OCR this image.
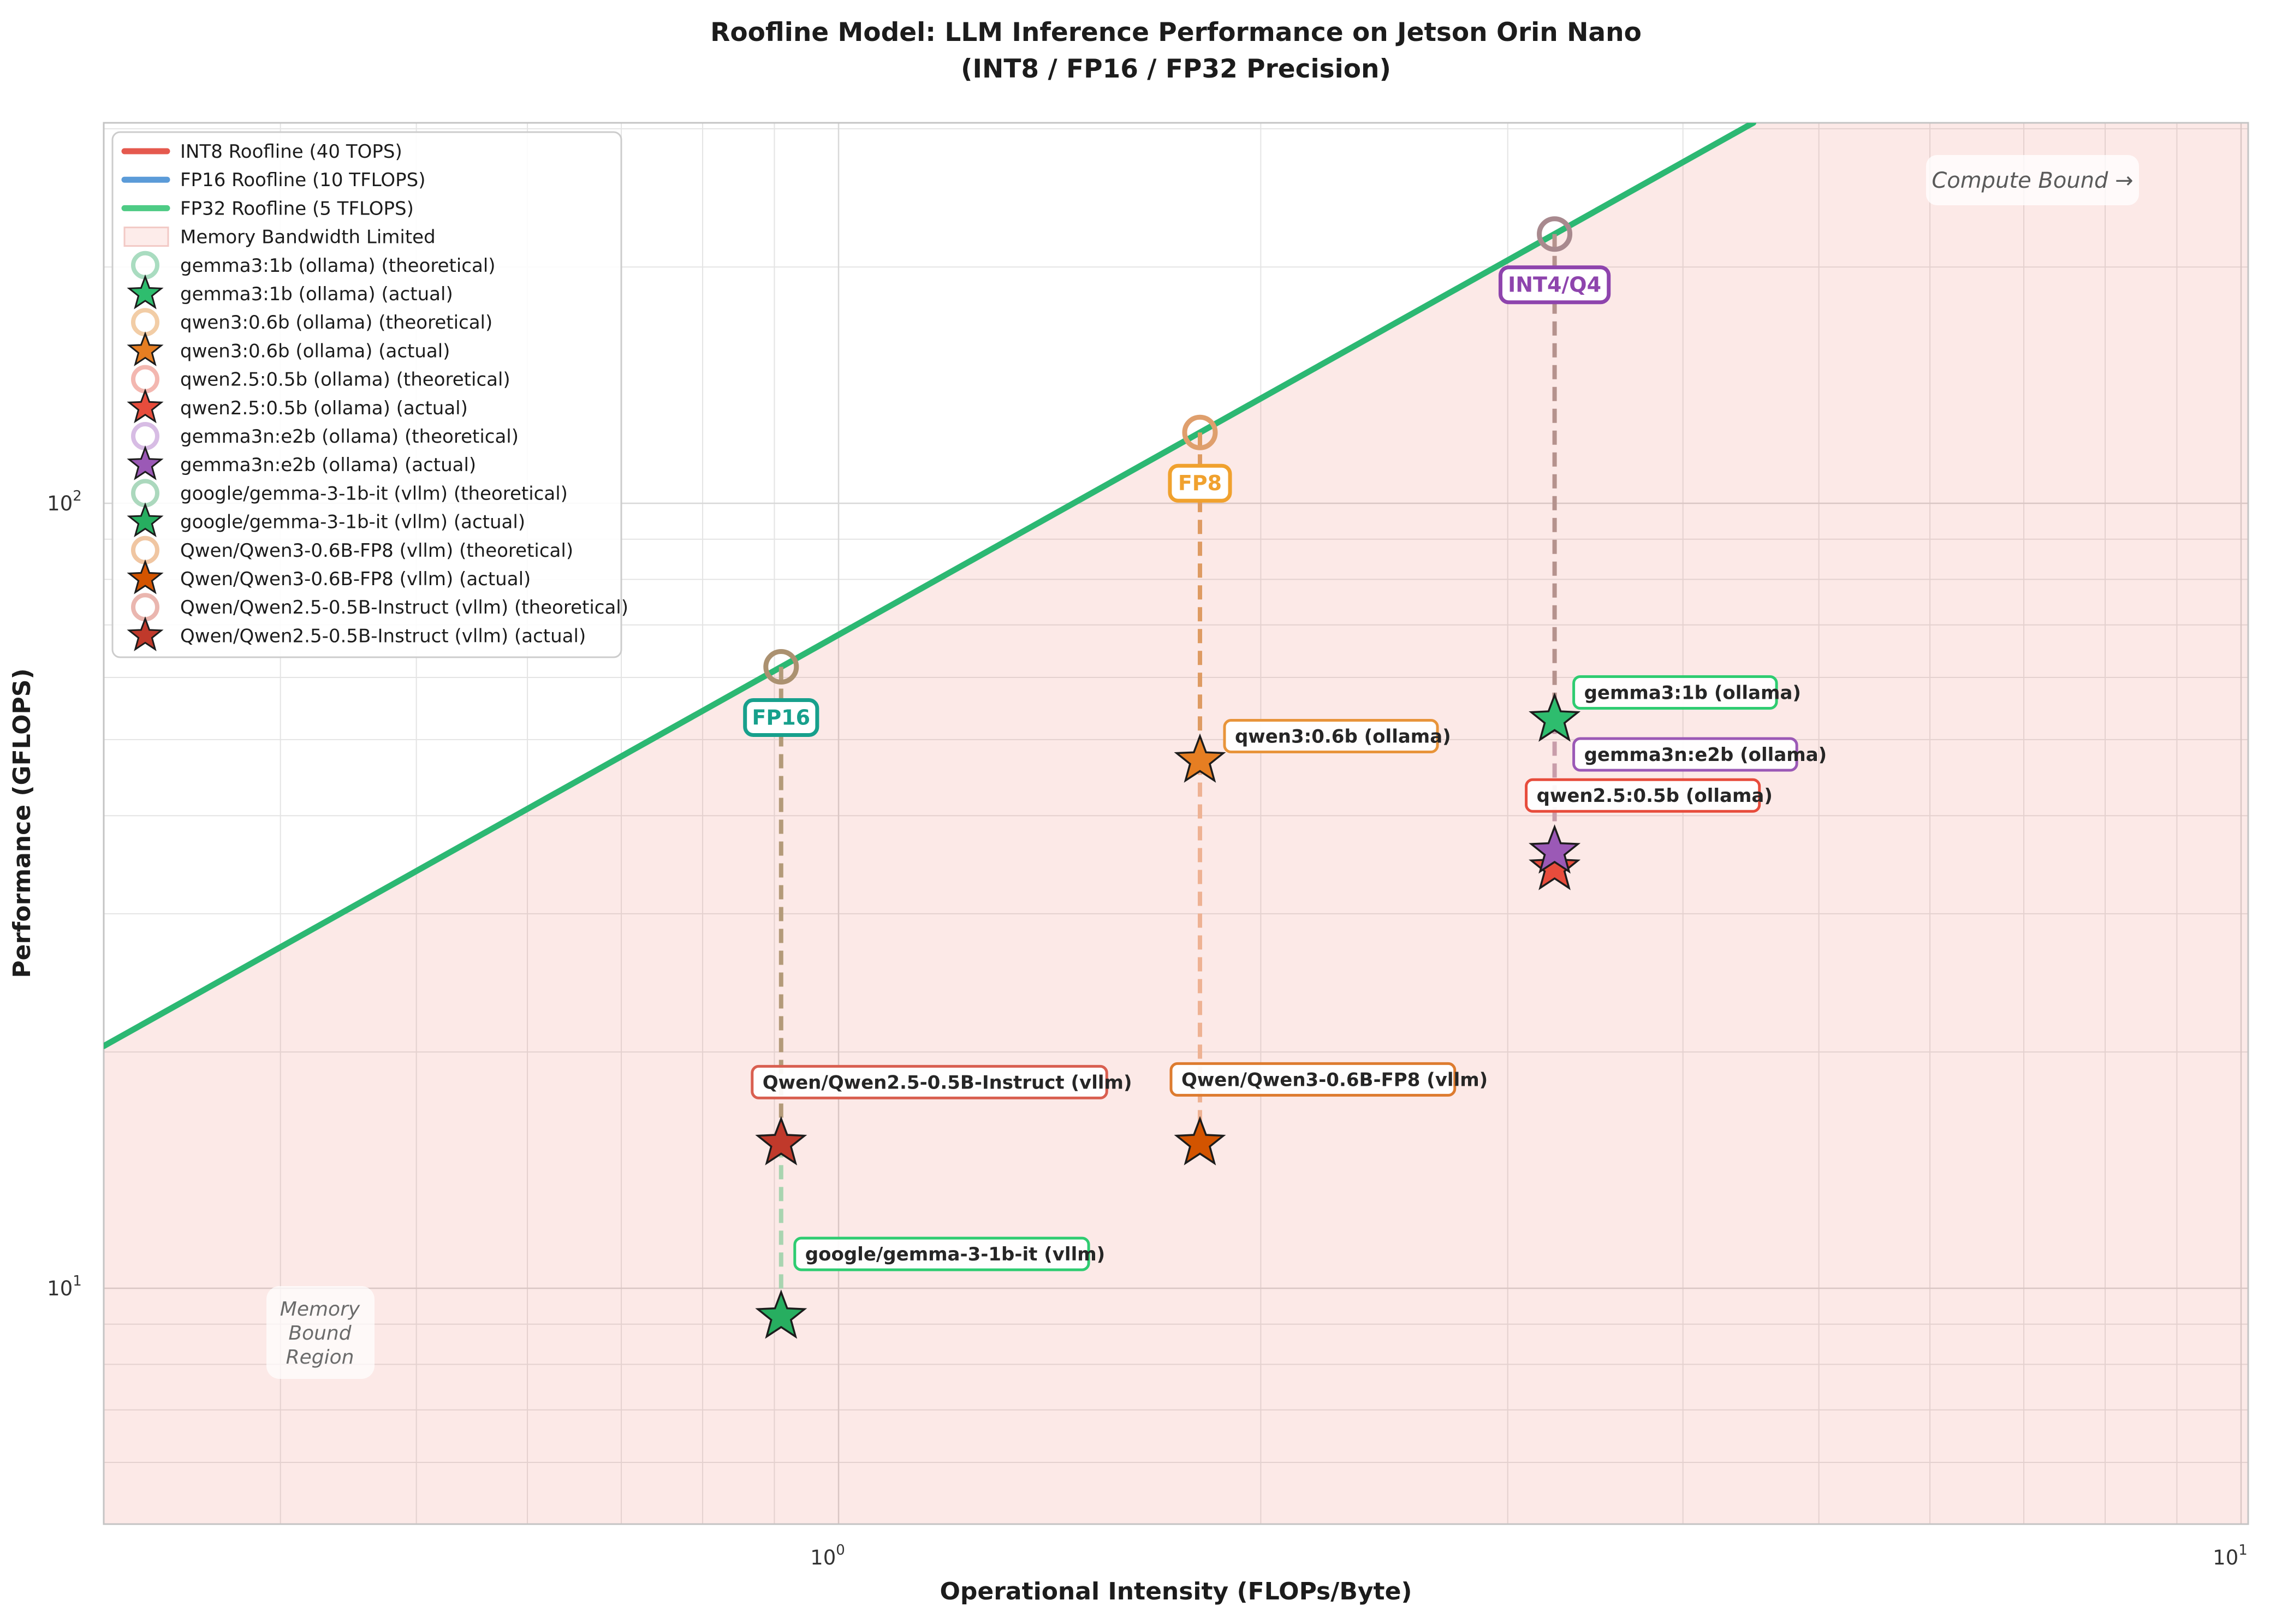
FP16
Qwen/Qwen2.5-0.5B-Instruct (vllm)
google/gemma-3-1b-it (vllm)
FP8
qwen3:0.6b (ollama)
Qwen/Qwen3-0.6B-FP8 (vllm)
INT4/Q4
gemma3:1b (ollama)
qwen2.5:0.5b (ollama)
gemma3n:e2b (ollama)
Compute Bound →
Memory
Bound
Region
INT8 Roofline (40 TOPS)
FP16 Roofline (10 TFLOPS)
FP32 Roofline (5 TFLOPS)
Memory Bandwidth Limited
gemma3:1b (ollama) (theoretical)
gemma3:1b (ollama) (actual)
qwen3:0.6b (ollama) (theoretical)
qwen3:0.6b (ollama) (actual)
qwen2.5:0.5b (ollama) (theoretical)
qwen2.5:0.5b (ollama) (actual)
gemma3n:e2b (ollama) (theoretical)
gemma3n:e2b (ollama) (actual)
google/gemma-3-1b-it (vllm) (theoretical)
google/gemma-3-1b-it (vllm) (actual)
Qwen/Qwen3-0.6B-FP8 (vllm) (theoretical)
Qwen/Qwen3-0.6B-FP8 (vllm) (actual)
Qwen/Qwen2.5-0.5B-Instruct (vllm) (theoretical)
Qwen/Qwen2.5-0.5B-Instruct (vllm) (actual)
Roofline Model: LLM Inference Performance on Jetson Orin Nano
(INT8 / FP16 / FP32 Precision)
Operational Intensity (FLOPs/Byte)
Performance (GFLOPS)
$10^0$	$10^1$
$10^1$
$10^2$
